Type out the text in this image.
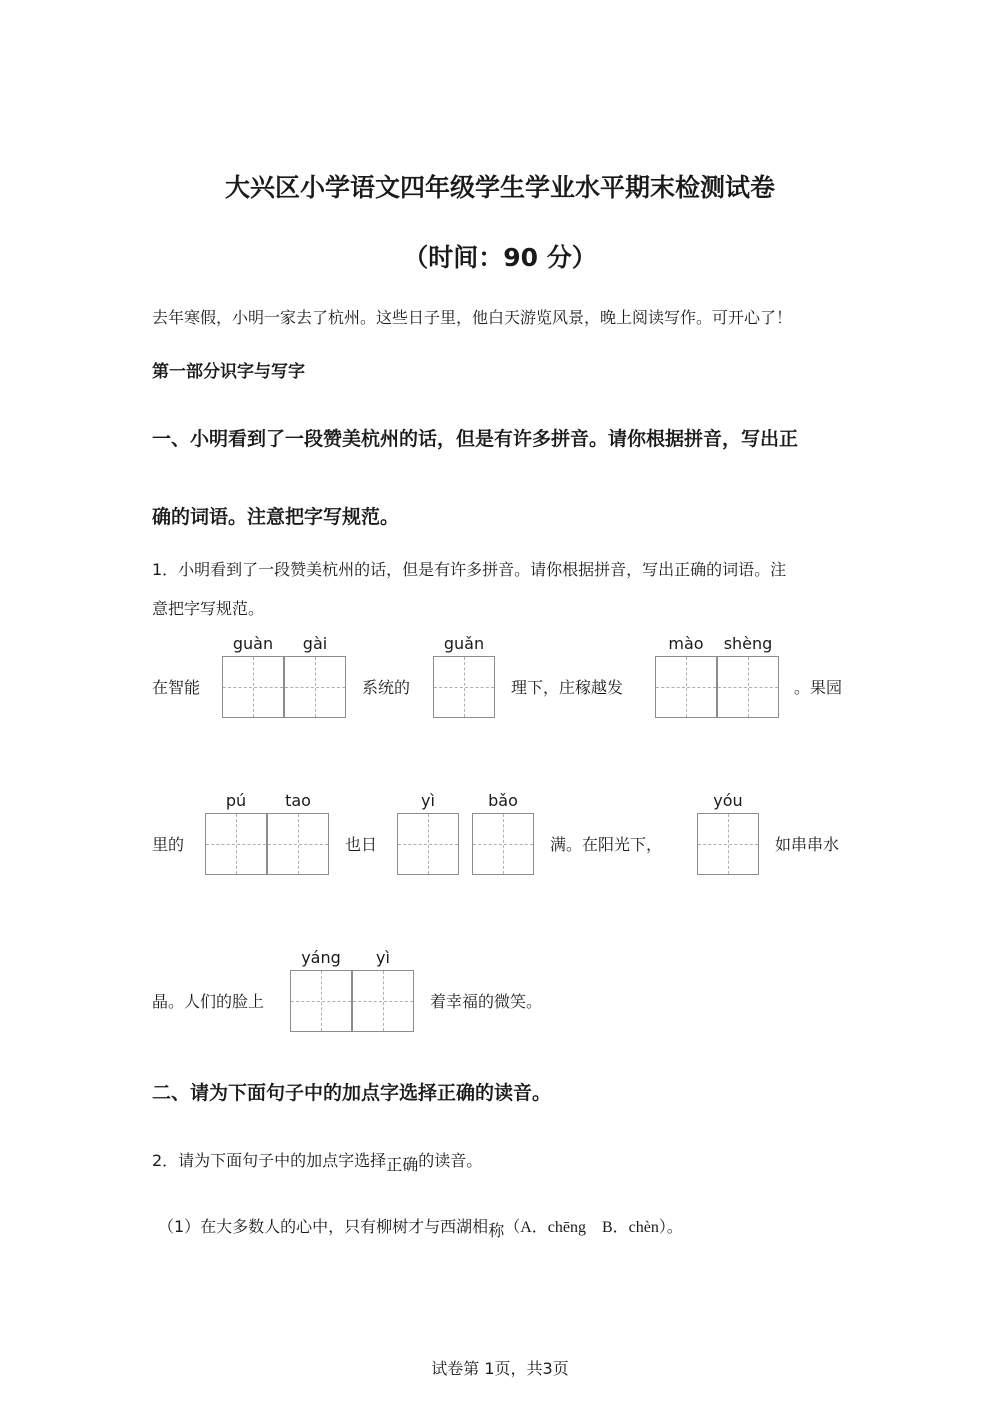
大兴区小学语文四年级学生学业水平期末检测试卷
（时间：90 分）
去年寒假，小明一家去了杭州。这些日子里，他白天游览风景，晚上阅读写作。可开心了！
第一部分识字与写字
一、小明看到了一段赞美杭州的话，但是有许多拼音。请你根据拼音，写出正
确的词语。注意把字写规范。
1．小明看到了一段赞美杭州的话，但是有许多拼音。请你根据拼音，写出正确的词语。注
意把字写规范。
guàn	gài	guǎn	mào	shèng
在智能	系统的	理下，庄稼越发	。果园
pú	tao	yì	bǎo	yóu
里的	也日	满。在阳光下，	如串串水
yáng	yì
晶。人们的脸上	着幸福的微笑。
二、请为下面句子中的加点字选择正确的读音。
2．请为下面句子中的加点字选择正确的读音。
（1）在大多数人的心中，只有柳树才与西湖相称（A．chēng　B．chèn）。
试卷第 1页，共3页
